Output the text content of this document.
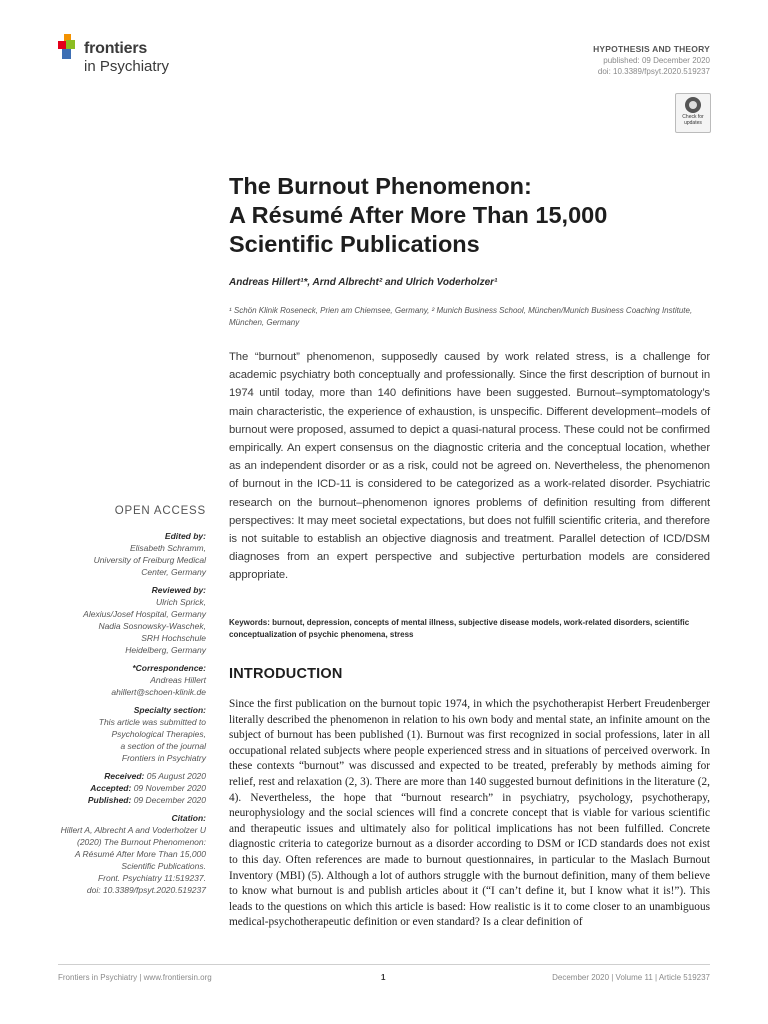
frontiers
in Psychiatry
HYPOTHESIS AND THEORY
published: 09 December 2020
doi: 10.3389/fpsyt.2020.519237
Check for updates
The Burnout Phenomenon:
A Résumé After More Than 15,000
Scientific Publications
Andreas Hillert¹*, Arnd Albrecht² and Ulrich Voderholzer¹
¹ Schön Klinik Roseneck, Prien am Chiemsee, Germany, ² Munich Business School, München/Munich Business Coaching Institute, München, Germany
The “burnout” phenomenon, supposedly caused by work related stress, is a challenge for academic psychiatry both conceptually and professionally. Since the first description of burnout in 1974 until today, more than 140 definitions have been suggested. Burnout–symptomatology’s main characteristic, the experience of exhaustion, is unspecific. Different development–models of burnout were proposed, assumed to depict a quasi-natural process. These could not be confirmed empirically. An expert consensus on the diagnostic criteria and the conceptual location, whether as an independent disorder or as a risk, could not be agreed on. Nevertheless, the phenomenon of burnout in the ICD-11 is considered to be categorized as a work-related disorder. Psychiatric research on the burnout–phenomenon ignores problems of definition resulting from different perspectives: It may meet societal expectations, but does not fulfill scientific criteria, and therefore is not suitable to establish an objective diagnosis and treatment. Parallel detection of ICD/DSM diagnoses from an expert perspective and subjective perturbation models are considered appropriate.
Keywords: burnout, depression, concepts of mental illness, subjective disease models, work-related disorders, scientific conceptualization of psychic phenomena, stress
INTRODUCTION
Since the first publication on the burnout topic 1974, in which the psychotherapist Herbert Freudenberger literally described the phenomenon in relation to his own body and mental state, an infinite amount on the subject of burnout has been published (1). Burnout was first recognized in social professions, later in all occupational related subjects where people experienced stress and in situations of perceived overwork. In these contexts “burnout” was discussed and expected to be treated, preferably by methods aiming for relief, rest and relaxation (2, 3). There are more than 140 suggested burnout definitions in the literature (2, 4). Nevertheless, the hope that “burnout research” in psychiatry, psychology, psychotherapy, neurophysiology and the social sciences will find a concrete concept that is viable for various scientific and therapeutic issues and ultimately also for political implications has not been fulfilled. Concrete diagnostic criteria to categorize burnout as a disorder according to DSM or ICD standards does not exist to this day. Often references are made to burnout questionnaires, in particular to the Maslach Burnout Inventory (MBI) (5). Although a lot of authors struggle with the burnout definition, many of them believe to know what burnout is and publish articles about it (“I can’t define it, but I know what it is!”). This leads to the questions on which this article is based: How realistic is it to come closer to an unambiguous medical-psychotherapeutic definition or even standard? Is a clear definition of
OPEN ACCESS
Edited by:
Elisabeth Schramm,
University of Freiburg Medical
Center, Germany
Reviewed by:
Ulrich Sprick,
Alexius/Josef Hospital, Germany
Nadia Sosnowsky-Waschek,
SRH Hochschule
Heidelberg, Germany
*Correspondence:
Andreas Hillert
ahillert@schoen-klinik.de
Specialty section:
This article was submitted to
Psychological Therapies,
a section of the journal
Frontiers in Psychiatry
Received: 05 August 2020
Accepted: 09 November 2020
Published: 09 December 2020
Citation:
Hillert A, Albrecht A and Voderholzer U
(2020) The Burnout Phenomenon:
A Résumé After More Than 15,000
Scientific Publications.
Front. Psychiatry 11:519237.
doi: 10.3389/fpsyt.2020.519237
Frontiers in Psychiatry | www.frontiersin.org	1	December 2020 | Volume 11 | Article 519237
